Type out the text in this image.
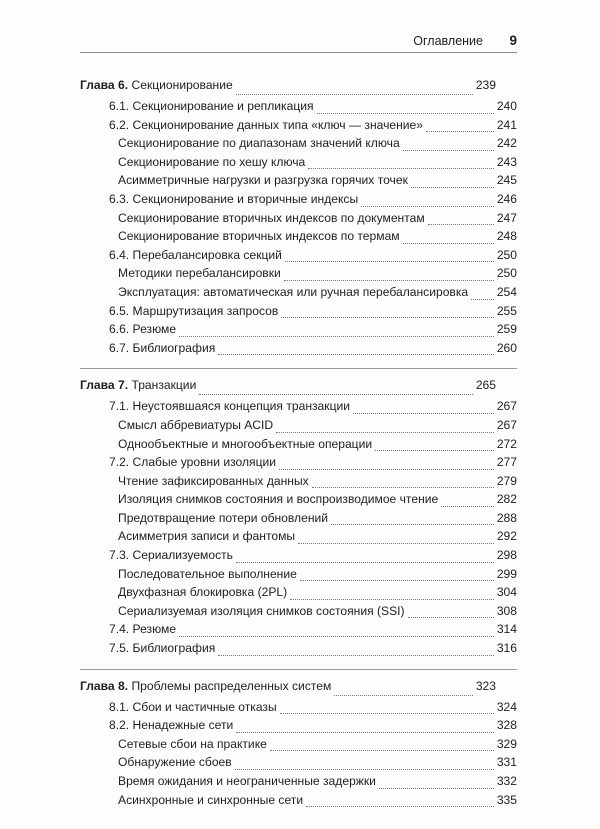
Оглавление 9
Глава 6. Секционирование	239
6.1. Секционирование и репликация	240
6.2. Секционирование данных типа «ключ — значение»	241
Секционирование по диапазонам значений ключа	242
Секционирование по хешу ключа	243
Асимметричные нагрузки и разгрузка горячих точек	245
6.3. Секционирование и вторичные индексы	246
Секционирование вторичных индексов по документам	247
Секционирование вторичных индексов по термам	248
6.4. Перебалансировка секций	250
Методики перебалансировки	250
Эксплуатация: автоматическая или ручная перебалансировка 254
6.5. Маршрутизация запросов	255
6.6. Резюме	259
6.7. Библиография	260
Глава 7. Транзакции	265
7.1. Неустоявшаяся концепция транзакции	267
Смысл аббревиатуры ACID	267
Однообъектные и многообъектные операции	272
7.2. Слабые уровни изоляции	277
Чтение зафиксированных данных	279
Изоляция снимков состояния и воспроизводимое чтение	282
Предотвращение потери обновлений	288
Асимметрия записи и фантомы	292
7.3. Сериализуемость	298
Последовательное выполнение	299
Двухфазная блокировка (2PL)	304
Сериализуемая изоляция снимков состояния (SSI)	308
7.4. Резюме	314
7.5. Библиография	316
Глава 8. Проблемы распределенных систем	323
8.1. Сбои и частичные отказы	324
8.2. Ненадежные сети	328
Сетевые сбои на практике	329
Обнаружение сбоев	331
Время ожидания и неограниченные задержки	332
Асинхронные и синхронные сети	335
